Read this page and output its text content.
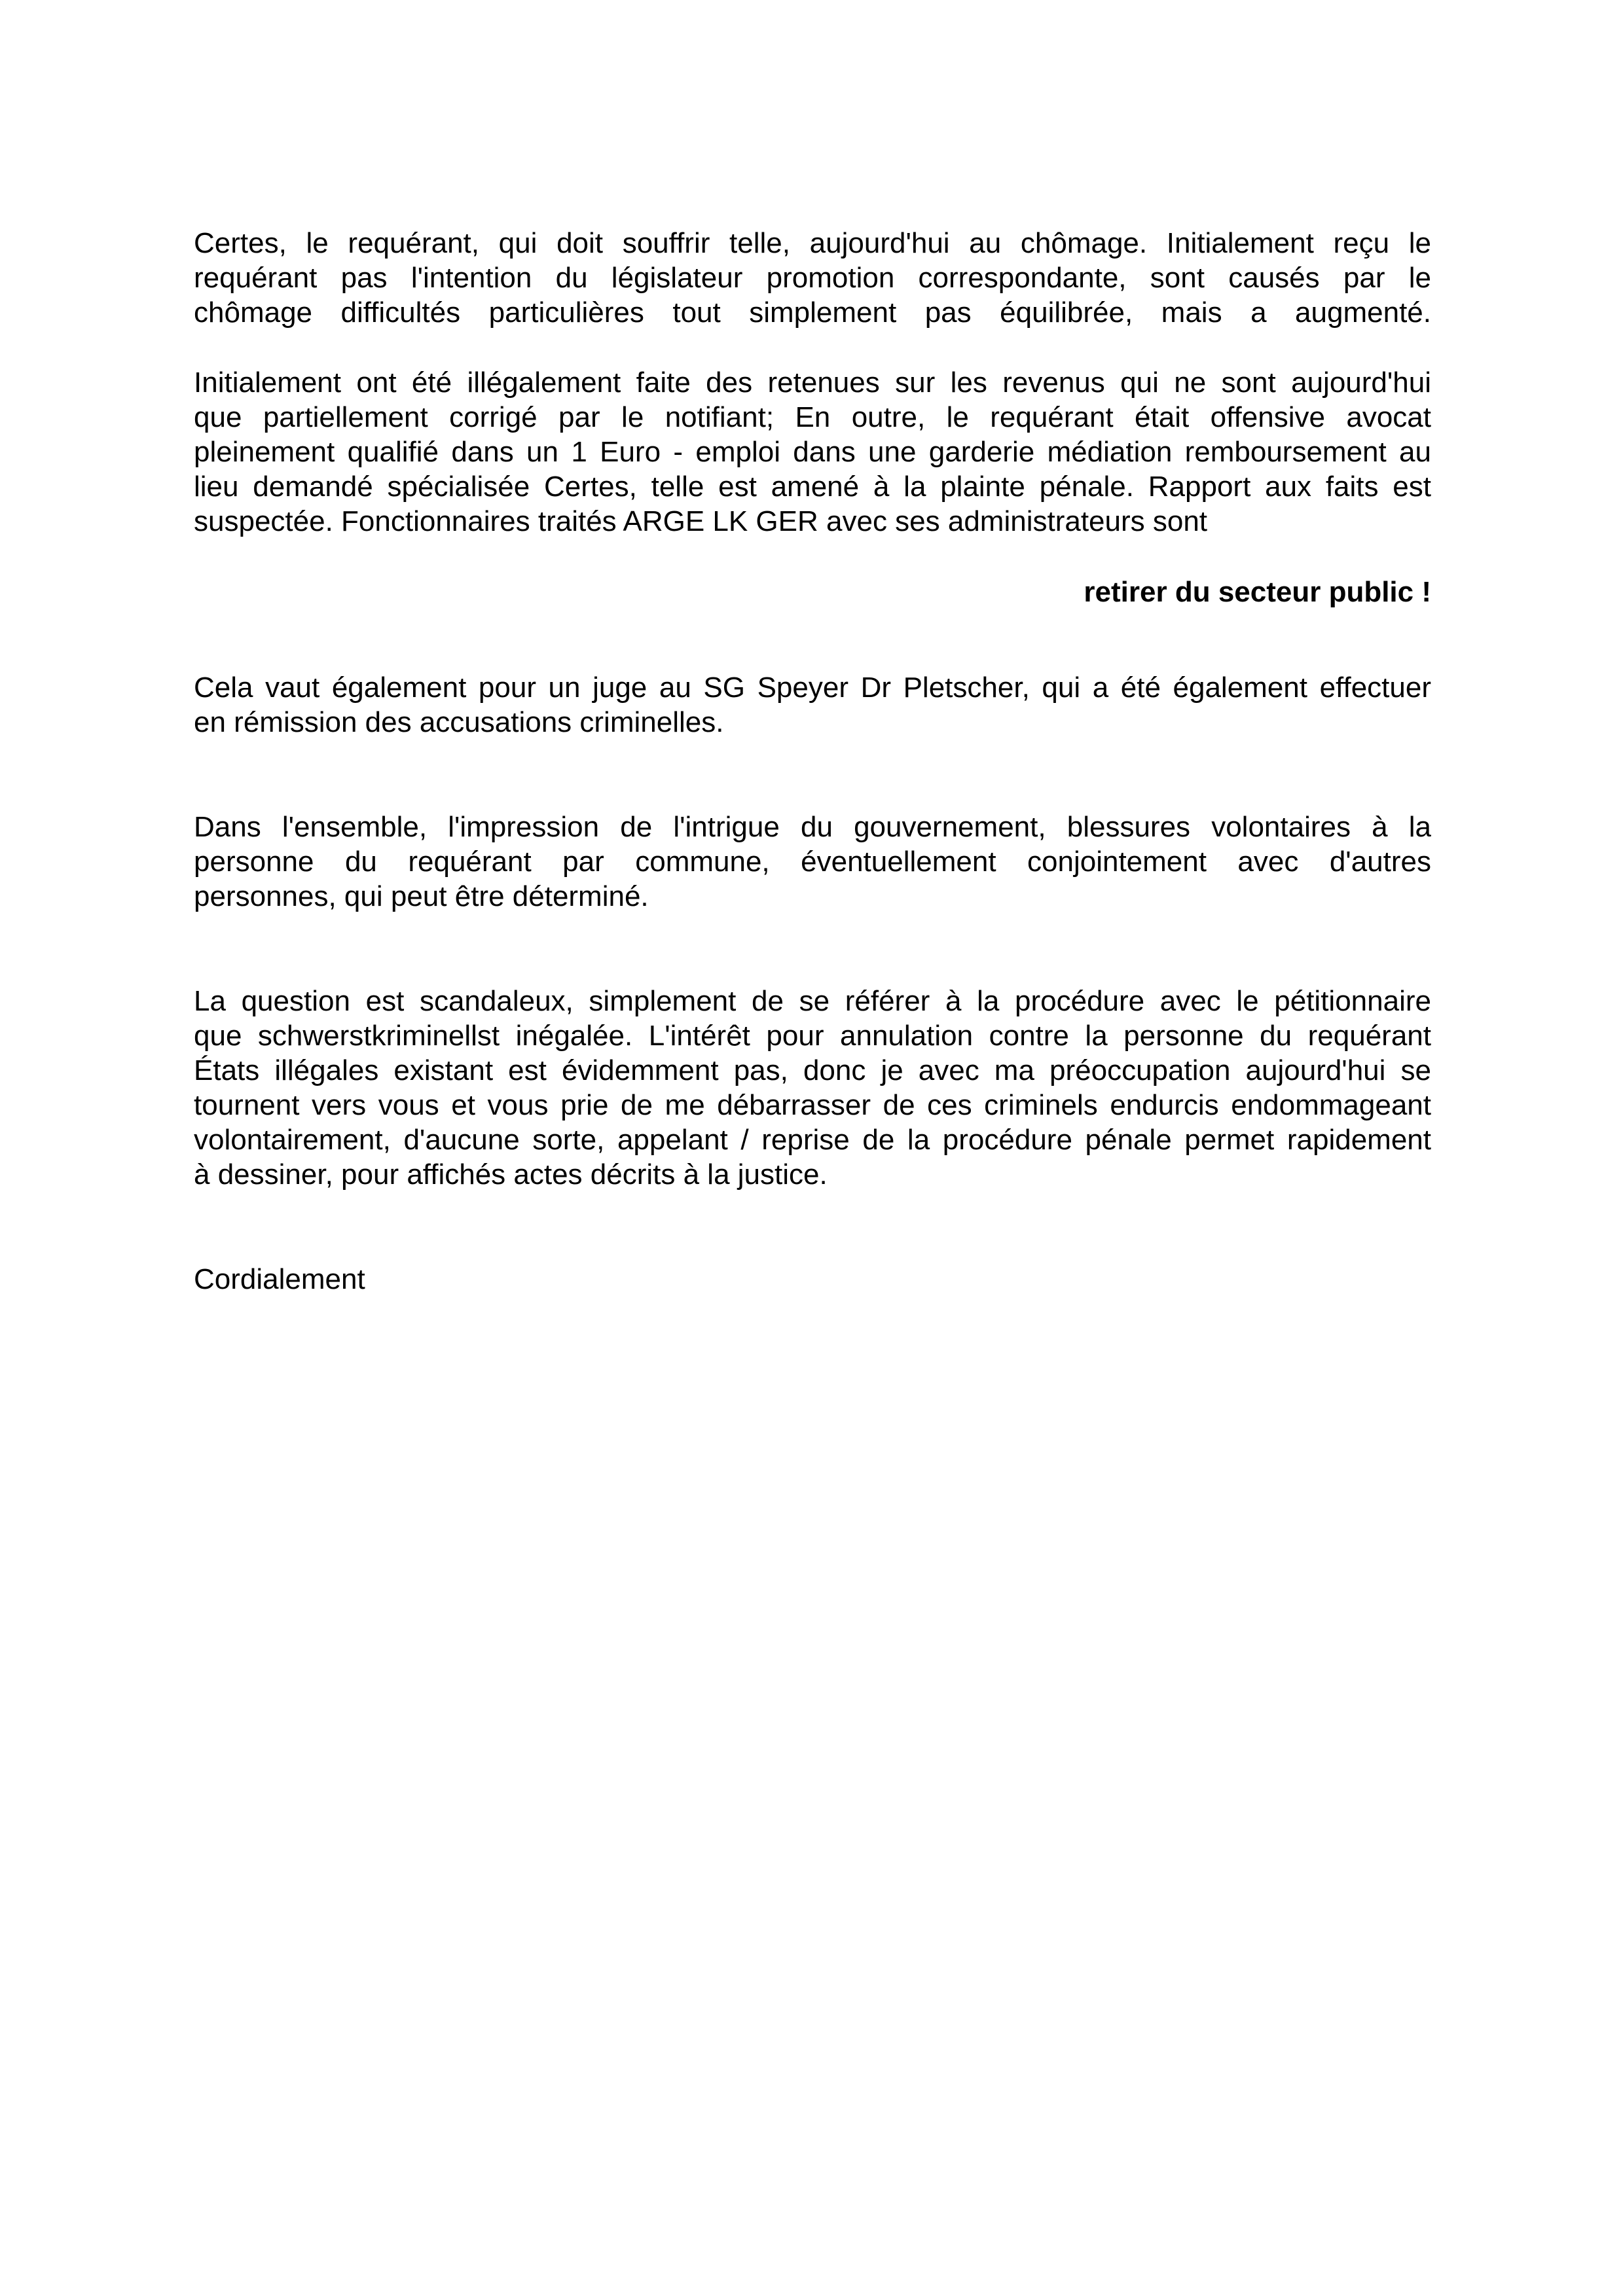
Certes, le requérant, qui doit souffrir telle, aujourd'hui au chômage. Initialement reçu le
requérant pas l'intention du législateur promotion correspondante, sont causés par le
chômage difficultés particulières tout simplement pas équilibrée, mais a augmenté.
Initialement ont été illégalement faite des retenues sur les revenus qui ne sont aujourd'hui
que partiellement corrigé par le notifiant; En outre, le requérant était offensive avocat
pleinement qualifié dans un 1 Euro - emploi dans une garderie médiation remboursement au
lieu demandé spécialisée Certes, telle est amené à la plainte pénale. Rapport aux faits est
suspectée. Fonctionnaires traités ARGE LK GER avec ses administrateurs sont
retirer du secteur public !
Cela vaut également pour un juge au SG Speyer Dr Pletscher, qui a été également effectuer
en rémission des accusations criminelles.
Dans l'ensemble, l'impression de l'intrigue du gouvernement, blessures volontaires à la
personne du requérant par commune, éventuellement conjointement avec d'autres
personnes, qui peut être déterminé.
La question est scandaleux, simplement de se référer à la procédure avec le pétitionnaire
que schwerstkriminellst inégalée. L'intérêt pour annulation contre la personne du requérant
États illégales existant est évidemment pas, donc je avec ma préoccupation aujourd'hui se
tournent vers vous et vous prie de me débarrasser de ces criminels endurcis endommageant
volontairement, d'aucune sorte, appelant / reprise de la procédure pénale permet rapidement
à dessiner, pour affichés actes décrits à la justice.
Cordialement
